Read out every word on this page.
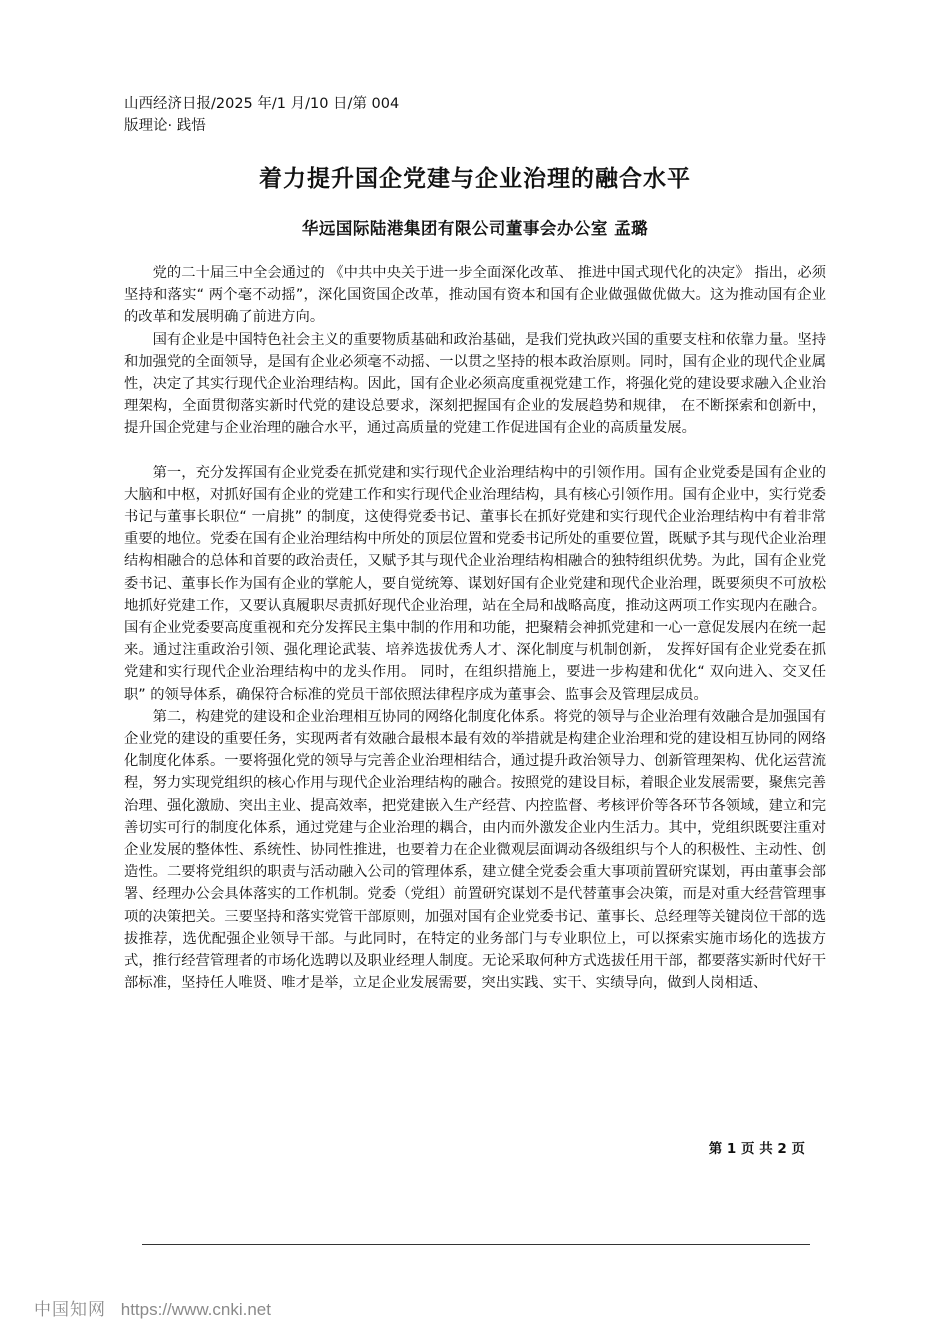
山西经济日报/2025 年/1 月/10 日/第 004
版理论· 践悟
着力提升国企党建与企业治理的融合水平
华远国际陆港集团有限公司董事会办公室 孟璐

党的二十届三中全会通过的 《中共中央关于进一步全面深化改革、 推进中国式现代化的决定》 指出，必须坚持和落实“ 两个毫不动摇”，深化国资国企改革，推动国有资本和国有企业做强做优做大。这为推动国有企业的改革和发展明确了前进方向。

国有企业是中国特色社会主义的重要物质基础和政治基础，是我们党执政兴国的重要支柱和依靠力量。坚持和加强党的全面领导，是国有企业必须毫不动摇、一以贯之坚持的根本政治原则。同时，国有企业的现代企业属性，决定了其实行现代企业治理结构。因此，国有企业必须高度重视党建工作，将强化党的建设要求融入企业治理架构，全面贯彻落实新时代党的建设总要求，深刻把握国有企业的发展趋势和规律， 在不断探索和创新中， 提升国企党建与企业治理的融合水平，通过高质量的党建工作促进国有企业的高质量发展。

第一，充分发挥国有企业党委在抓党建和实行现代企业治理结构中的引领作用。国有企业党委是国有企业的大脑和中枢，对抓好国有企业的党建工作和实行现代企业治理结构，具有核心引领作用。国有企业中，实行党委书记与董事长职位“ 一肩挑” 的制度，这使得党委书记、董事长在抓好党建和实行现代企业治理结构中有着非常重要的地位。党委在国有企业治理结构中所处的顶层位置和党委书记所处的重要位置，既赋予其与现代企业治理结构相融合的总体和首要的政治责任，又赋予其与现代企业治理结构相融合的独特组织优势。为此，国有企业党委书记、董事长作为国有企业的掌舵人，要自觉统筹、谋划好国有企业党建和现代企业治理，既要须臾不可放松地抓好党建工作，又要认真履职尽责抓好现代企业治理，站在全局和战略高度，推动这两项工作实现内在融合。国有企业党委要高度重视和充分发挥民主集中制的作用和功能，把聚精会神抓党建和一心一意促发展内在统一起来。通过注重政治引领、强化理论武装、培养选拔优秀人才、深化制度与机制创新， 发挥好国有企业党委在抓党建和实行现代企业治理结构中的龙头作用。 同时，在组织措施上，要进一步构建和优化“ 双向进入、交叉任职” 的领导体系，确保符合标准的党员干部依照法律程序成为董事会、监事会及管理层成员。

第二，构建党的建设和企业治理相互协同的网络化制度化体系。将党的领导与企业治理有效融合是加强国有企业党的建设的重要任务，实现两者有效融合最根本最有效的举措就是构建企业治理和党的建设相互协同的网络化制度化体系。一要将强化党的领导与完善企业治理相结合，通过提升政治领导力、创新管理架构、优化运营流程，努力实现党组织的核心作用与现代企业治理结构的融合。按照党的建设目标，着眼企业发展需要，聚焦完善治理、强化激励、突出主业、提高效率，把党建嵌入生产经营、内控监督、考核评价等各环节各领域，建立和完善切实可行的制度化体系，通过党建与企业治理的耦合，由内而外激发企业内生活力。其中，党组织既要注重对企业发展的整体性、系统性、协同性推进，也要着力在企业微观层面调动各级组织与个人的积极性、主动性、创造性。二要将党组织的职责与活动融入公司的管理体系，建立健全党委会重大事项前置研究谋划，再由董事会部署、经理办公会具体落实的工作机制。党委（党组）前置研究谋划不是代替董事会决策，而是对重大经营管理事项的决策把关。三要坚持和落实党管干部原则，加强对国有企业党委书记、董事长、总经理等关键岗位干部的选拔推荐，选优配强企业领导干部。与此同时，在特定的业务部门与专业职位上，可以探索实施市场化的选拔方式，推行经营管理者的市场化选聘以及职业经理人制度。无论采取何种方式选拔任用干部，都要落实新时代好干部标准，坚持任人唯贤、唯才是举，立足企业发展需要，突出实践、实干、实绩导向，做到人岗相适、

第 1 页 共 2 页
中国知网 https://www.cnki.net
